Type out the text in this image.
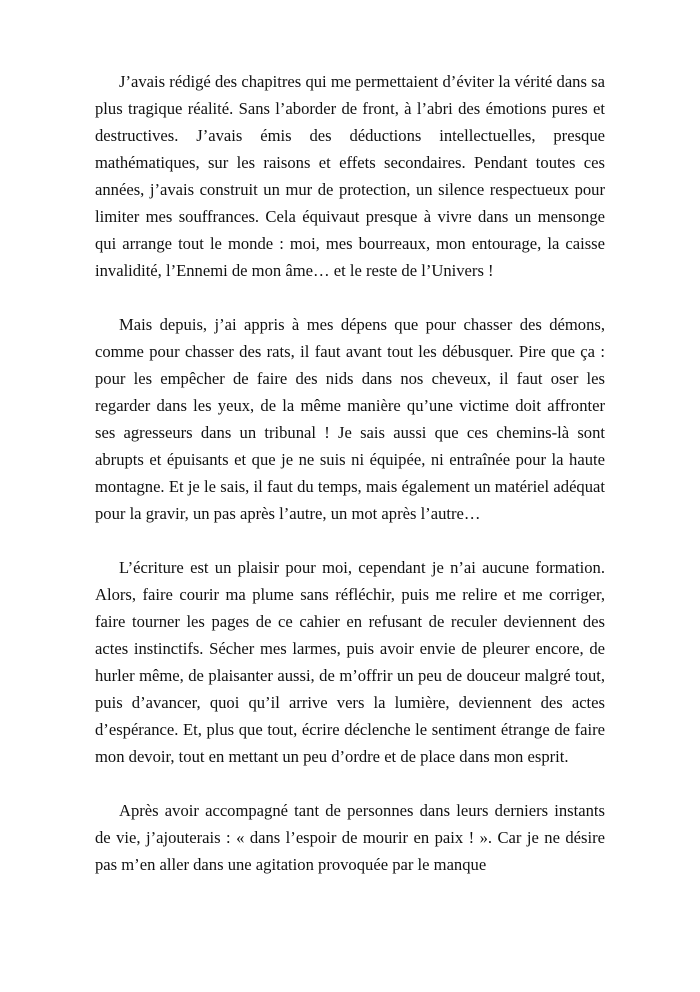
J’avais rédigé des chapitres qui me permettaient d’éviter la vérité dans sa plus tragique réalité. Sans l’aborder de front, à l’abri des émotions pures et destructives. J’avais émis des déductions intellectuelles, presque mathématiques, sur les raisons et effets secondaires. Pendant toutes ces années, j’avais construit un mur de protection, un silence respectueux pour limiter mes souffrances. Cela équivaut presque à vivre dans un mensonge qui arrange tout le monde : moi, mes bourreaux, mon entourage, la caisse invalidité, l’Ennemi de mon âme… et le reste de l’Univers !

Mais depuis, j’ai appris à mes dépens que pour chasser des démons, comme pour chasser des rats, il faut avant tout les débusquer. Pire que ça : pour les empêcher de faire des nids dans nos cheveux, il faut oser les regarder dans les yeux, de la même manière qu’une victime doit affronter ses agresseurs dans un tribunal ! Je sais aussi que ces chemins-là sont abrupts et épuisants et que je ne suis ni équipée, ni entraînée pour la haute montagne. Et je le sais, il faut du temps, mais également un matériel adéquat pour la gravir, un pas après l’autre, un mot après l’autre…

L’écriture est un plaisir pour moi, cependant je n’ai aucune formation. Alors, faire courir ma plume sans réfléchir, puis me relire et me corriger, faire tourner les pages de ce cahier en refusant de reculer deviennent des actes instinctifs. Sécher mes larmes, puis avoir envie de pleurer encore, de hurler même, de plaisanter aussi, de m’offrir un peu de douceur malgré tout, puis d’avancer, quoi qu’il arrive vers la lumière, deviennent des actes d’espérance. Et, plus que tout, écrire déclenche le sentiment étrange de faire mon devoir, tout en mettant un peu d’ordre et de place dans mon esprit.

Après avoir accompagné tant de personnes dans leurs derniers instants de vie, j’ajouterais : « dans l’espoir de mourir en paix ! ». Car je ne désire pas m’en aller dans une agitation provoquée par le manque
